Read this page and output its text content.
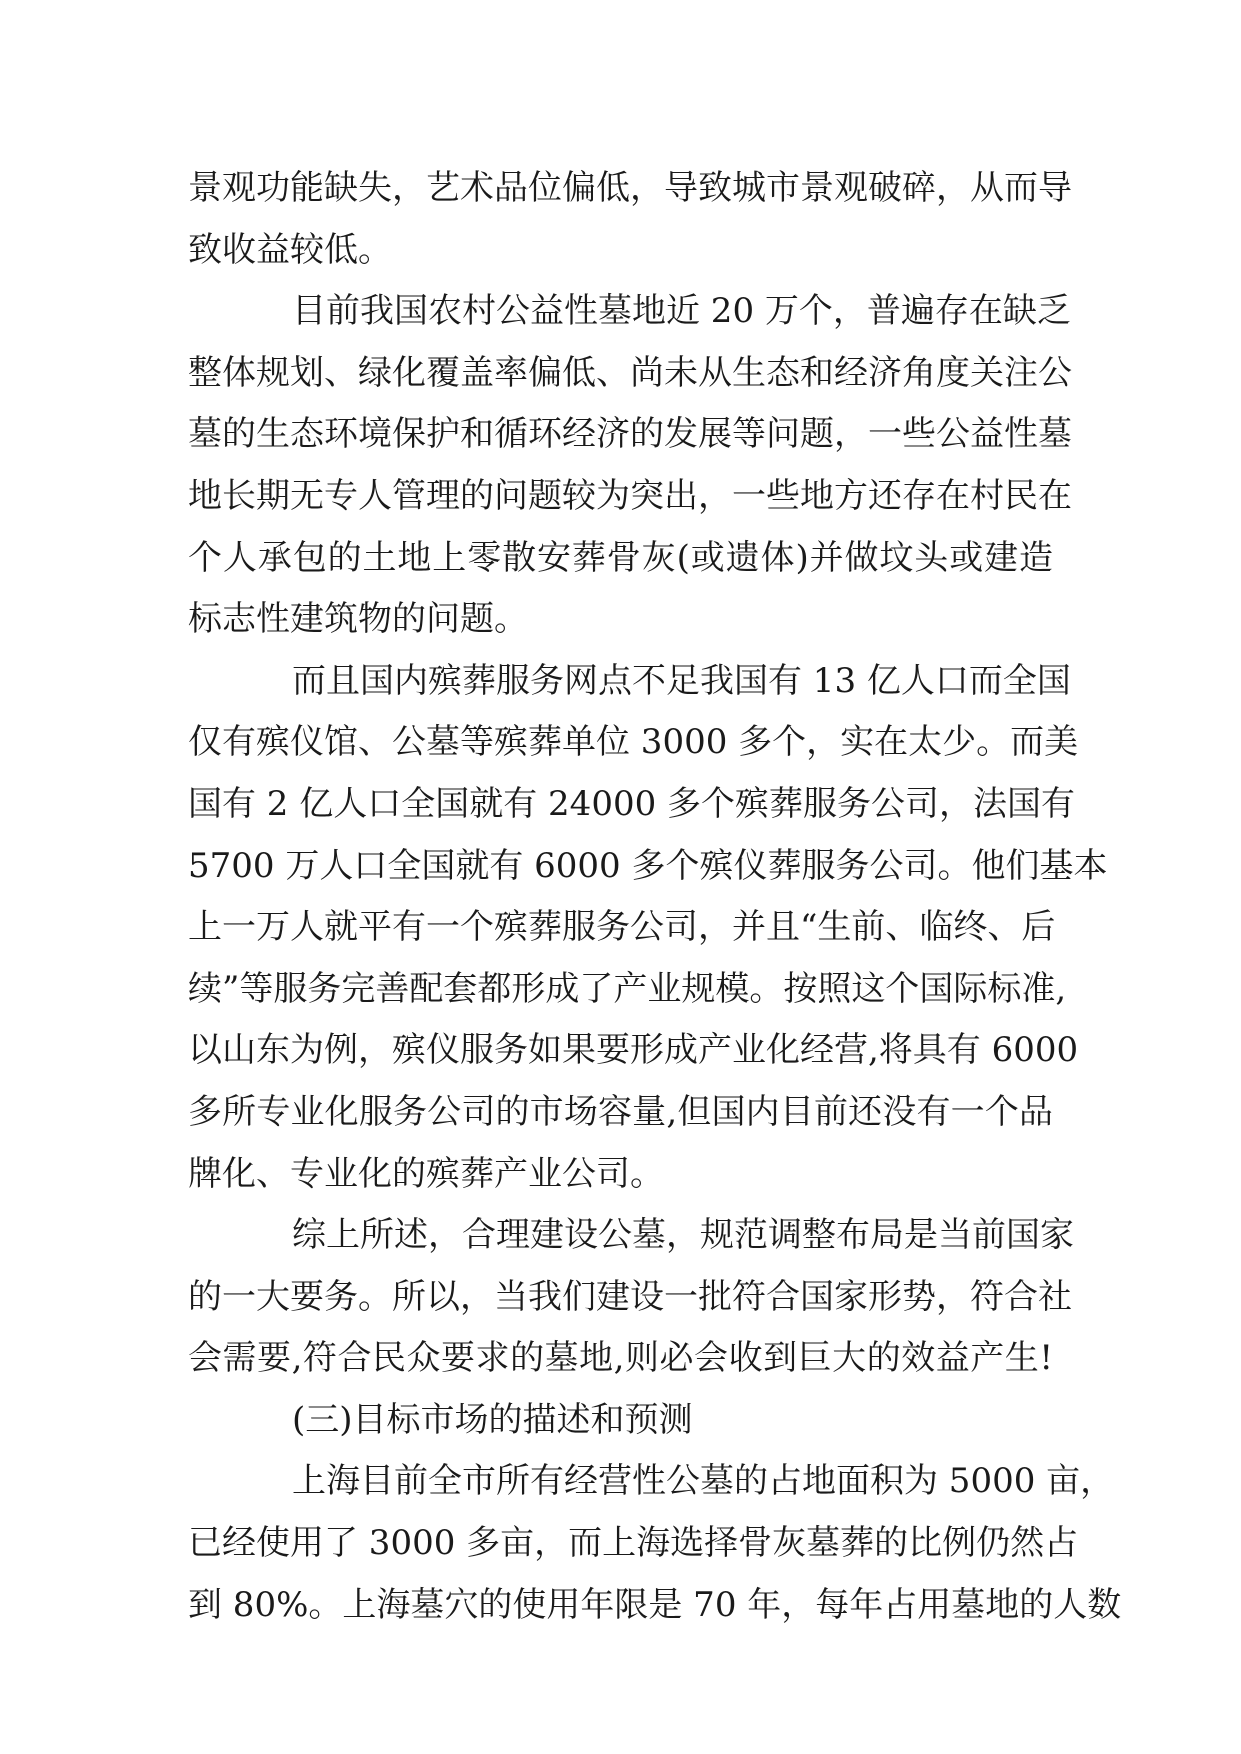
景观功能缺失，艺术品位偏低，导致城市景观破碎，从而导
致收益较低。
目前我国农村公益性墓地近 20 万个，普遍存在缺乏
整体规划、绿化覆盖率偏低、尚未从生态和经济角度关注公
墓的生态环境保护和循环经济的发展等问题，一些公益性墓
地长期无专人管理的问题较为突出，一些地方还存在村民在
个人承包的土地上零散安葬骨灰(或遗体)并做坟头或建造
标志性建筑物的问题。
而且国内殡葬服务网点不足我国有 13 亿人口而全国
仅有殡仪馆、公墓等殡葬单位 3000 多个，实在太少。而美
国有 2 亿人口全国就有 24000 多个殡葬服务公司，法国有
5700 万人口全国就有 6000 多个殡仪葬服务公司。他们基本
上一万人就平有一个殡葬服务公司，并且“生前、临终、后
续”等服务完善配套都形成了产业规模。按照这个国际标准,
以山东为例，殡仪服务如果要形成产业化经营,将具有 6000
多所专业化服务公司的市场容量,但国内目前还没有一个品
牌化、专业化的殡葬产业公司。
综上所述，合理建设公墓，规范调整布局是当前国家
的一大要务。所以，当我们建设一批符合国家形势，符合社
会需要,符合民众要求的墓地,则必会收到巨大的效益产生!
(三)目标市场的描述和预测
上海目前全市所有经营性公墓的占地面积为 5000 亩，
已经使用了 3000 多亩，而上海选择骨灰墓葬的比例仍然占
到 80%。上海墓穴的使用年限是 70 年，每年占用墓地的人数
